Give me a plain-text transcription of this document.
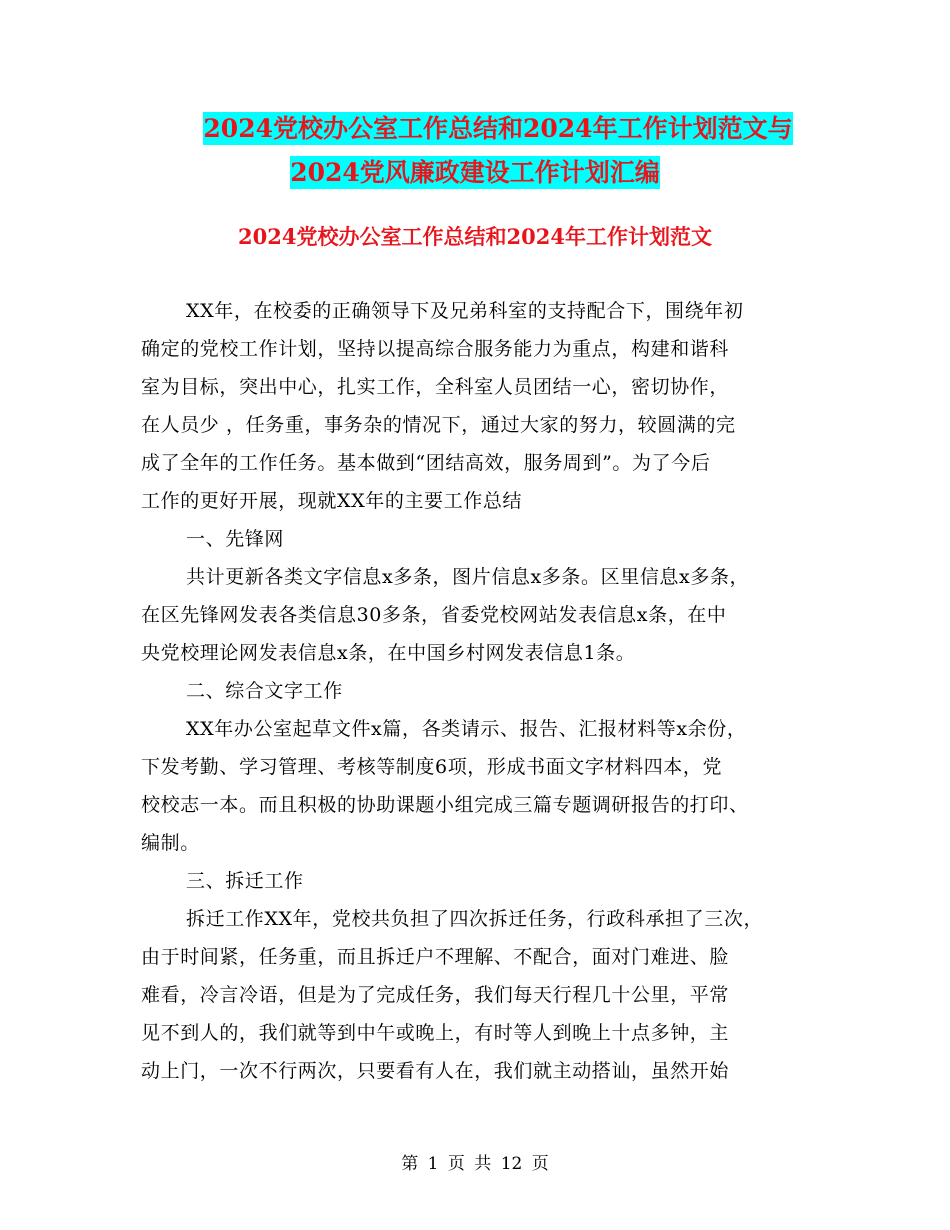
2024党校办公室工作总结和2024年工作计划范文与
2024党风廉政建设工作计划汇编
2024党校办公室工作总结和2024年工作计划范文
XX年，在校委的正确领导下及兄弟科室的支持配合下，围绕年初
确定的党校工作计划，坚持以提高综合服务能力为重点，构建和谐科
室为目标，突出中心，扎实工作，全科室人员团结一心，密切协作，
在人员少 ，任务重，事务杂的情况下，通过大家的努力，较圆满的完
成了全年的工作任务。基本做到“团结高效，服务周到”。为了今后
工作的更好开展，现就XX年的主要工作总结
一、先锋网
共计更新各类文字信息x多条，图片信息x多条。区里信息x多条，
在区先锋网发表各类信息30多条，省委党校网站发表信息x条，在中
央党校理论网发表信息x条，在中国乡村网发表信息1条。
二、综合文字工作
XX年办公室起草文件x篇，各类请示、报告、汇报材料等x余份，
下发考勤、学习管理、考核等制度6项，形成书面文字材料四本，党
校校志一本。而且积极的协助课题小组完成三篇专题调研报告的打印、
编制。
三、拆迁工作
拆迁工作XX年，党校共负担了四次拆迁任务，行政科承担了三次，
由于时间紧，任务重，而且拆迁户不理解、不配合，面对门难进、脸
难看，冷言冷语，但是为了完成任务，我们每天行程几十公里，平常
见不到人的，我们就等到中午或晚上，有时等人到晚上十点多钟，主
动上门，一次不行两次，只要看有人在，我们就主动搭讪，虽然开始
第 1 页 共 12 页
